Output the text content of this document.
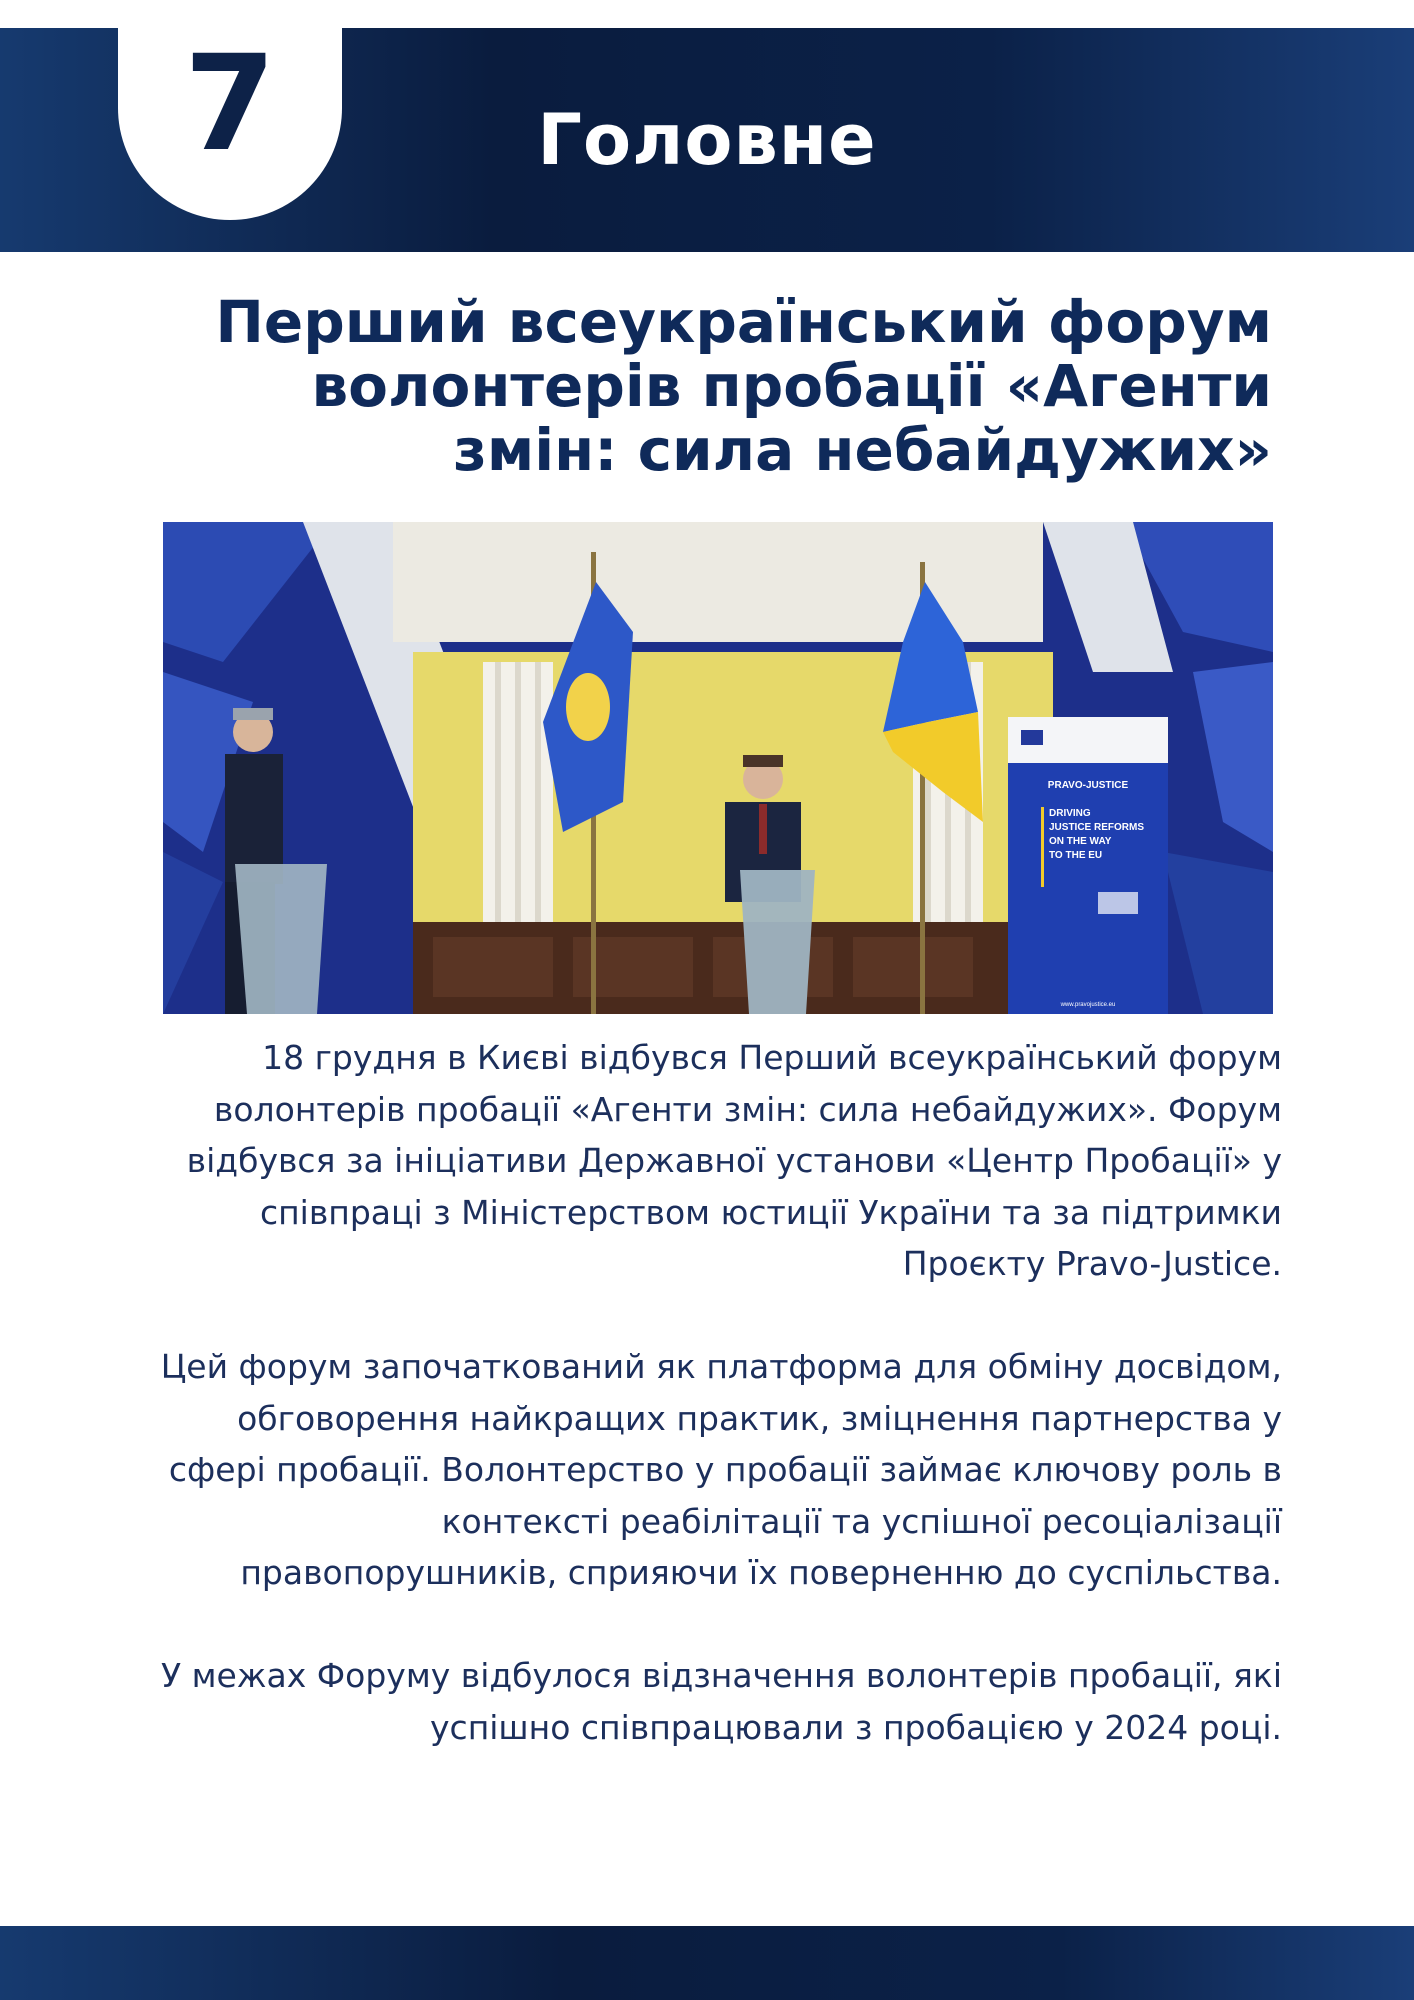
7	Головне
Перший всеукраїнський форум волонтерів пробації «Агенти змін: сила небайдужих»
PRAVO-JUSTICE
DRIVING
JUSTICE REFORMS
ON THE WAY
TO THE EU
www.pravojustice.eu

18 грудня в Києві відбувся Перший всеукраїнський форум волонтерів пробації «Агенти змін: сила небайдужих». Форум відбувся за ініціативи Державної установи «Центр Пробації» у співпраці з Міністерством юстиції України та за підтримки Проєкту Pravo-Justice.

Цей форум започаткований як платформа для обміну досвідом, обговорення найкращих практик, зміцнення партнерства у сфері пробації. Волонтерство у пробації займає ключову роль в контексті реабілітації та успішної ресоціалізації правопорушників, сприяючи їх поверненню до суспільства.

У межах Форуму відбулося відзначення волонтерів пробації, які успішно співпрацювали з пробацією у 2024 році.
